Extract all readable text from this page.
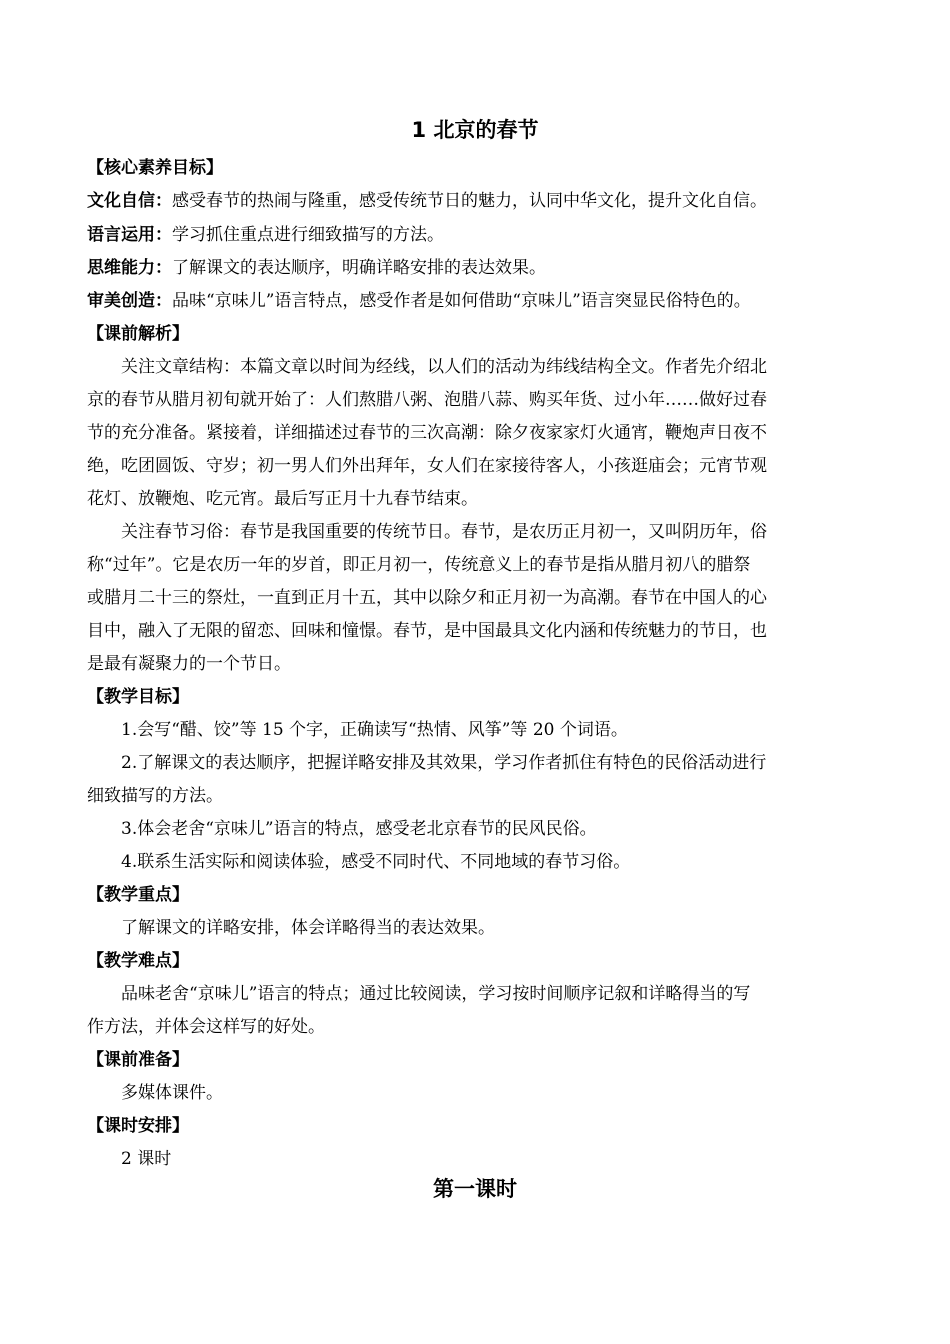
1 北京的春节
【核心素养目标】
文化自信：感受春节的热闹与隆重，感受传统节日的魅力，认同中华文化，提升文化自信。
语言运用：学习抓住重点进行细致描写的方法。
思维能力：了解课文的表达顺序，明确详略安排的表达效果。
审美创造：品味“京味儿”语言特点，感受作者是如何借助“京味儿”语言突显民俗特色的。
【课前解析】
关注文章结构：本篇文章以时间为经线，以人们的活动为纬线结构全文。作者先介绍北
京的春节从腊月初旬就开始了：人们熬腊八粥、泡腊八蒜、购买年货、过小年……做好过春
节的充分准备。紧接着，详细描述过春节的三次高潮：除夕夜家家灯火通宵，鞭炮声日夜不
绝，吃团圆饭、守岁；初一男人们外出拜年，女人们在家接待客人，小孩逛庙会；元宵节观
花灯、放鞭炮、吃元宵。最后写正月十九春节结束。
关注春节习俗：春节是我国重要的传统节日。春节，是农历正月初一，又叫阴历年，俗
称“过年”。它是农历一年的岁首，即正月初一，传统意义上的春节是指从腊月初八的腊祭
或腊月二十三的祭灶，一直到正月十五，其中以除夕和正月初一为高潮。春节在中国人的心
目中，融入了无限的留恋、回味和憧憬。春节，是中国最具文化内涵和传统魅力的节日，也
是最有凝聚力的一个节日。
【教学目标】
1.会写“醋、饺”等 15 个字，正确读写“热情、风筝”等 20 个词语。
2.了解课文的表达顺序，把握详略安排及其效果，学习作者抓住有特色的民俗活动进行
细致描写的方法。
3.体会老舍“京味儿”语言的特点，感受老北京春节的民风民俗。
4.联系生活实际和阅读体验，感受不同时代、不同地域的春节习俗。
【教学重点】
了解课文的详略安排，体会详略得当的表达效果。
【教学难点】
品味老舍“京味儿”语言的特点；通过比较阅读，学习按时间顺序记叙和详略得当的写
作方法，并体会这样写的好处。
【课前准备】
多媒体课件。
【课时安排】
2 课时
第一课时
